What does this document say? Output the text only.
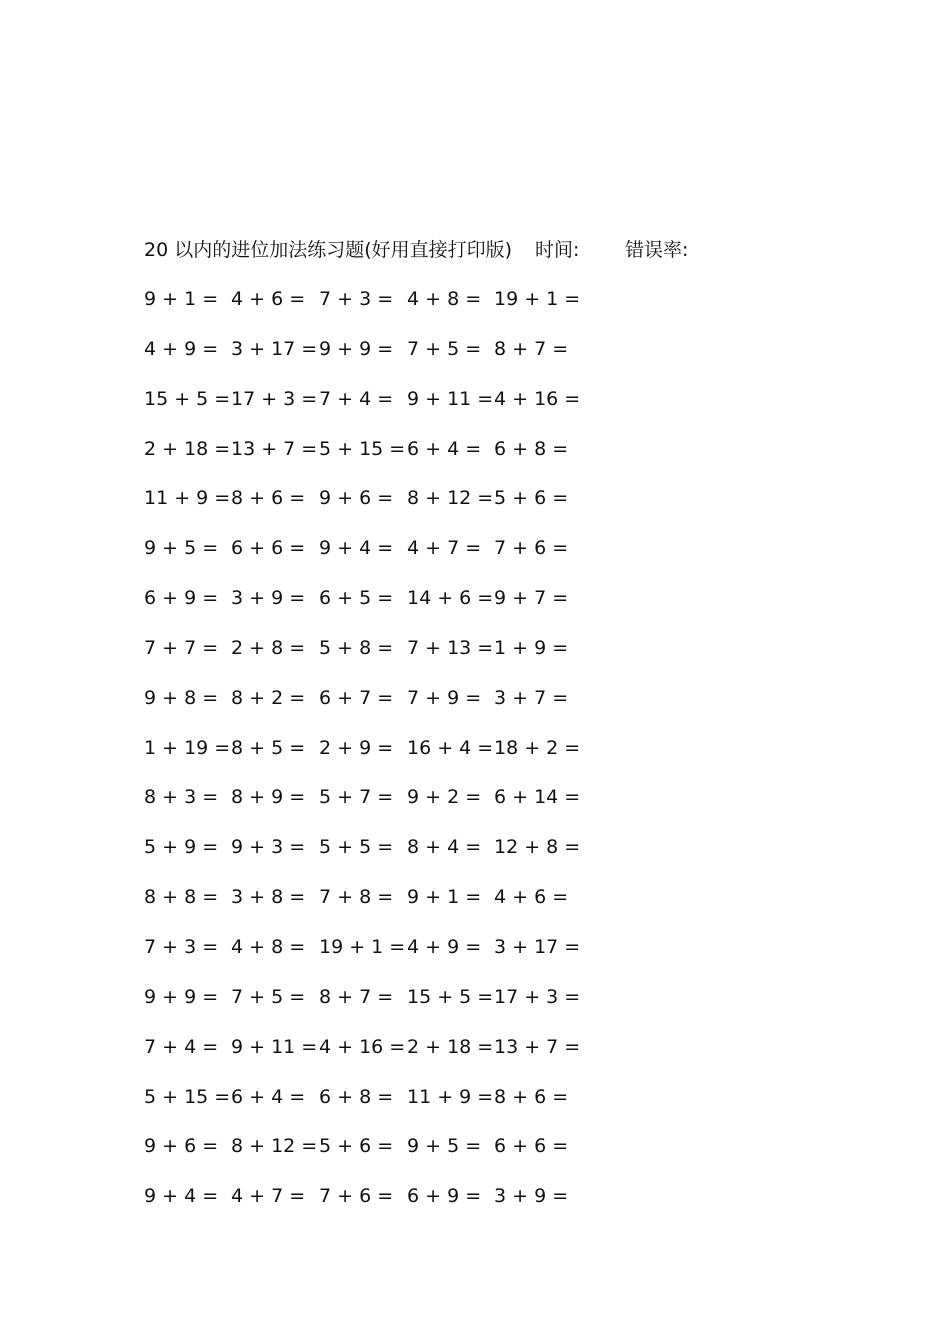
20 以内的进位加法练习题(好用直接打印版) 时间: 错误率:
9 + 1 = 4 + 6 = 7 + 3 = 4 + 8 = 19 + 1 =
4 + 9 = 3 + 17 = 9 + 9 = 7 + 5 = 8 + 7 =
15 + 5 = 17 + 3 = 7 + 4 = 9 + 11 = 4 + 16 =
2 + 18 = 13 + 7 = 5 + 15 = 6 + 4 = 6 + 8 =
11 + 9 = 8 + 6 = 9 + 6 = 8 + 12 = 5 + 6 =
9 + 5 = 6 + 6 = 9 + 4 = 4 + 7 = 7 + 6 =
6 + 9 = 3 + 9 = 6 + 5 = 14 + 6 = 9 + 7 =
7 + 7 = 2 + 8 = 5 + 8 = 7 + 13 = 1 + 9 =
9 + 8 = 8 + 2 = 6 + 7 = 7 + 9 = 3 + 7 =
1 + 19 = 8 + 5 = 2 + 9 = 16 + 4 = 18 + 2 =
8 + 3 = 8 + 9 = 5 + 7 = 9 + 2 = 6 + 14 =
5 + 9 = 9 + 3 = 5 + 5 = 8 + 4 = 12 + 8 =
8 + 8 = 3 + 8 = 7 + 8 = 9 + 1 = 4 + 6 =
7 + 3 = 4 + 8 = 19 + 1 = 4 + 9 = 3 + 17 =
9 + 9 = 7 + 5 = 8 + 7 = 15 + 5 = 17 + 3 =
7 + 4 = 9 + 11 = 4 + 16 = 2 + 18 = 13 + 7 =
5 + 15 = 6 + 4 = 6 + 8 = 11 + 9 = 8 + 6 =
9 + 6 = 8 + 12 = 5 + 6 = 9 + 5 = 6 + 6 =
9 + 4 = 4 + 7 = 7 + 6 = 6 + 9 = 3 + 9 =
